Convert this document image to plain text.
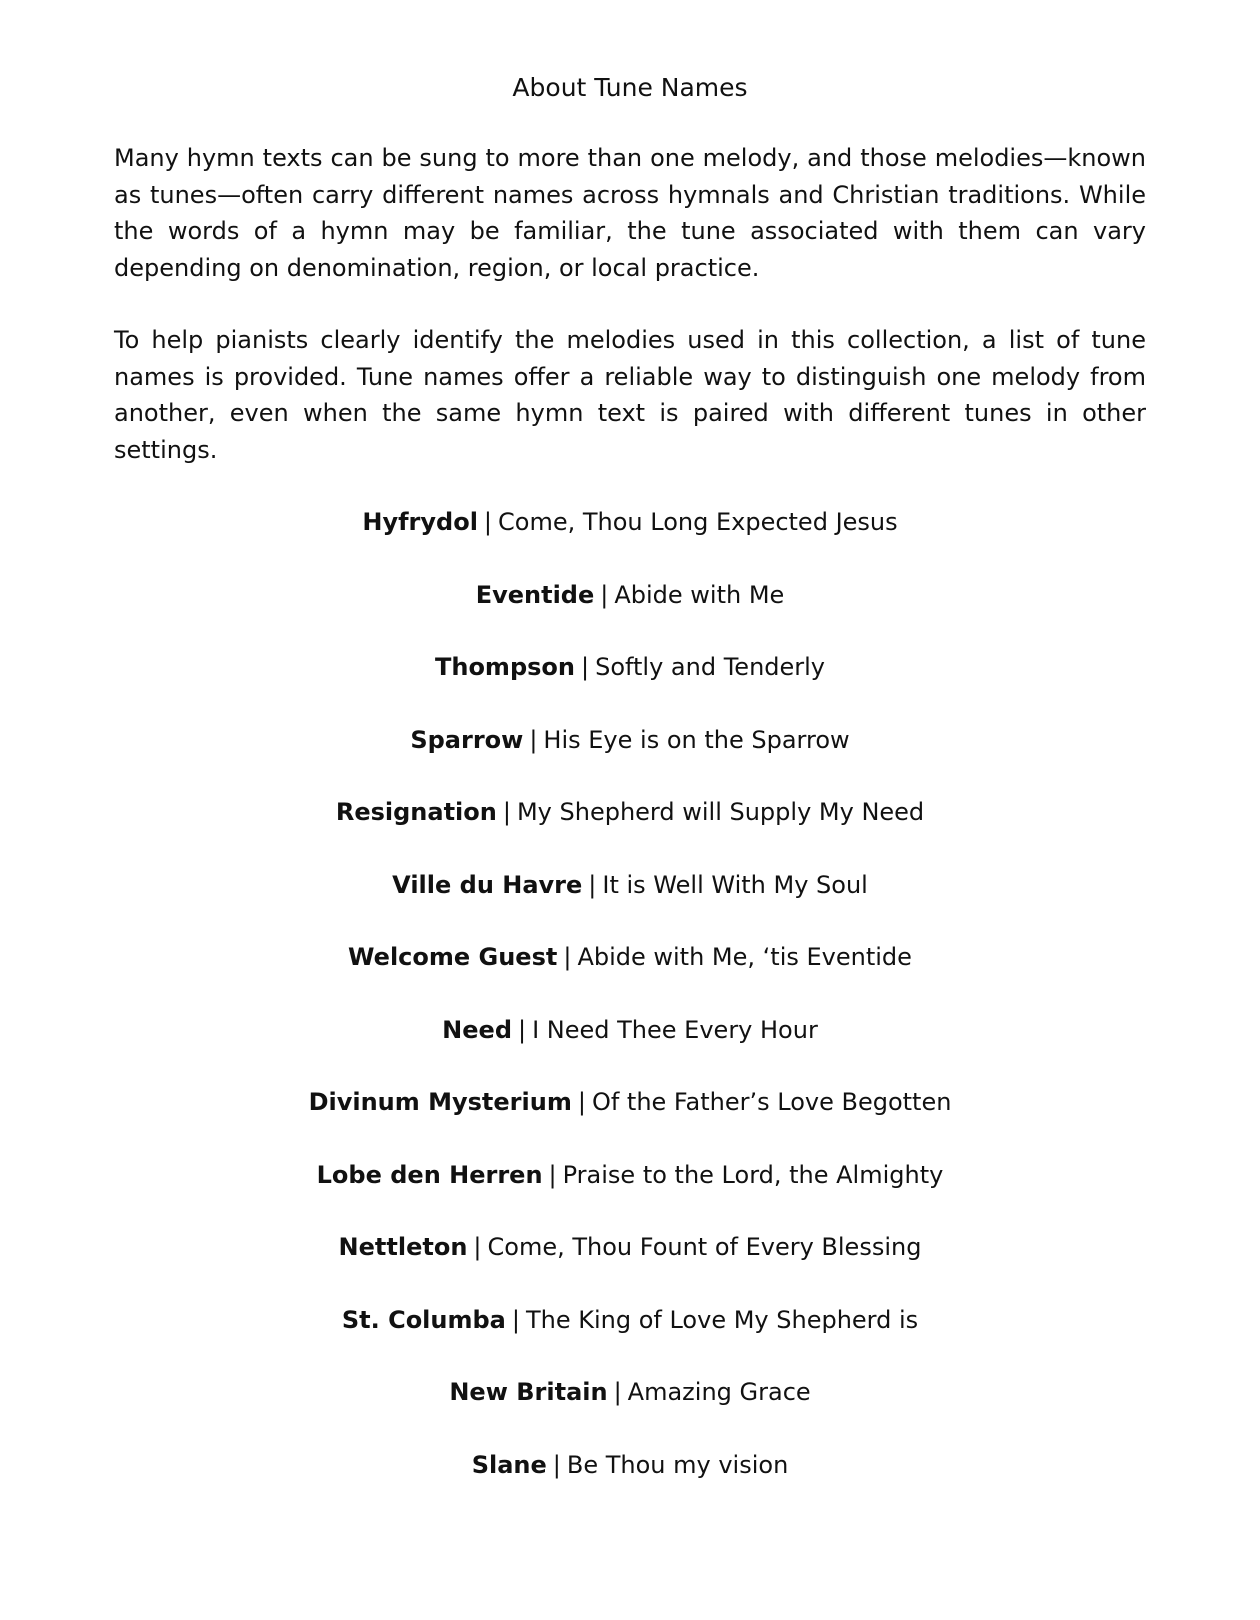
About Tune Names

Many hymn texts can be sung to more than one melody, and those melodies—known as tunes—often carry different names across hymnals and Christian traditions. While the words of a hymn may be familiar, the tune associated with them can vary depending on denomination, region, or local practice.

To help pianists clearly identify the melodies used in this collection, a list of tune names is provided. Tune names offer a reliable way to distinguish one melody from another, even when the same hymn text is paired with different tunes in other settings.

Hyfrydol | Come, Thou Long Expected Jesus
Eventide | Abide with Me
Thompson | Softly and Tenderly
Sparrow | His Eye is on the Sparrow
Resignation | My Shepherd will Supply My Need
Ville du Havre | It is Well With My Soul
Welcome Guest | Abide with Me, ‘tis Eventide
Need | I Need Thee Every Hour
Divinum Mysterium | Of the Father’s Love Begotten
Lobe den Herren | Praise to the Lord, the Almighty
Nettleton | Come, Thou Fount of Every Blessing
St. Columba | The King of Love My Shepherd is
New Britain | Amazing Grace
Slane | Be Thou my vision
